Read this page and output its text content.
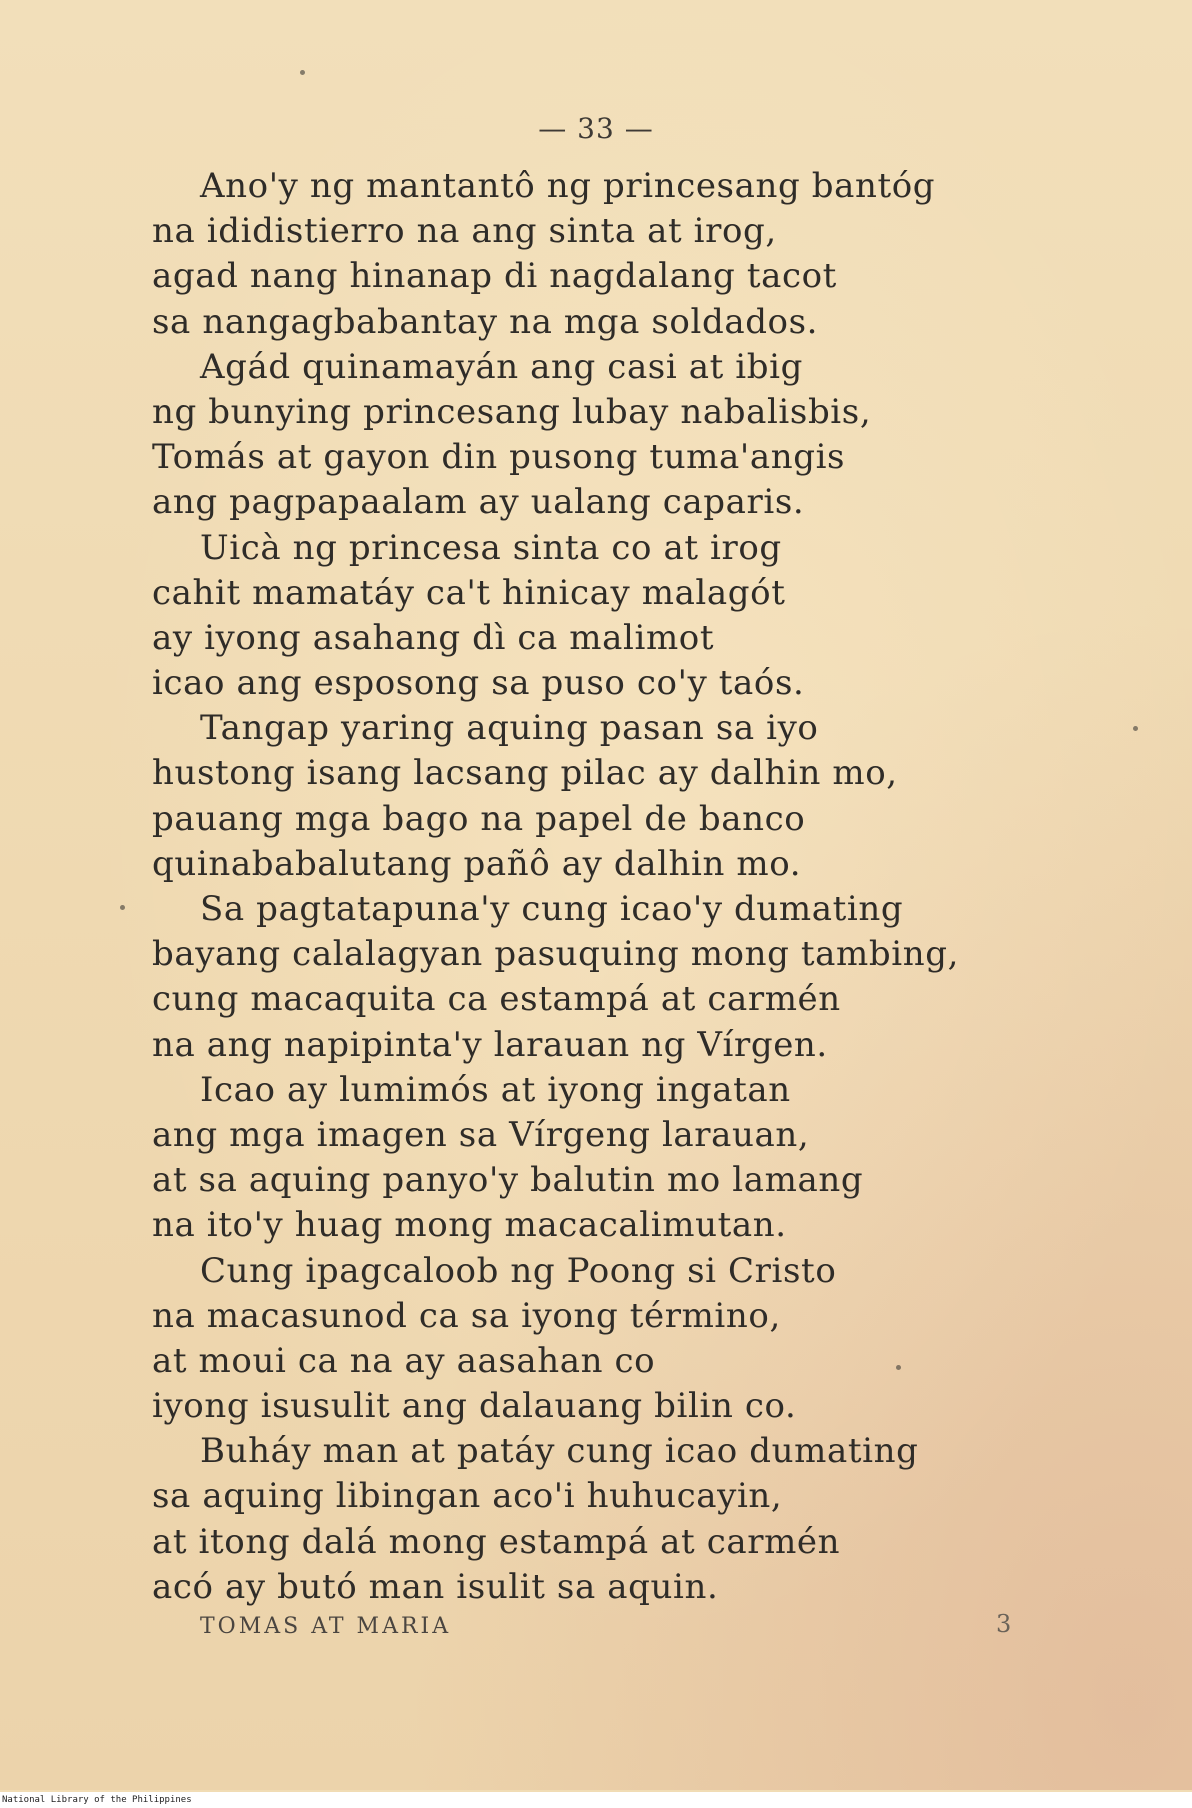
— 33 —
Ano'y ng mantantô ng princesang bantóg
na ididistierro na ang sinta at irog,
agad nang hinanap di nagdalang tacot
sa nangagbabantay na mga soldados.
Agád quinamayán ang casi at ibig
ng bunying princesang lubay nabalisbis,
Tomás at gayon din pusong tuma'angis
ang pagpapaalam ay ualang caparis.
Uicà ng princesa sinta co at irog
cahit mamatáy ca't hinicay malagót
ay iyong asahang dì ca malimot
icao ang esposong sa puso co'y taós.
Tangap yaring aquing pasan sa iyo
hustong isang lacsang pilac ay dalhin mo,
pauang mga bago na papel de banco
quinababalutang pañô ay dalhin mo.
Sa pagtatapuna'y cung icao'y dumating
bayang calalagyan pasuquing mong tambing,
cung macaquita ca estampá at carmén
na ang napipinta'y larauan ng Vírgen.
Icao ay lumimós at iyong ingatan
ang mga imagen sa Vírgeng larauan,
at sa aquing panyo'y balutin mo lamang
na ito'y huag mong macacalimutan.
Cung ipagcaloob ng Poong si Cristo
na macasunod ca sa iyong término,
at moui ca na ay aasahan co
iyong isusulit ang dalauang bilin co.
Buháy man at patáy cung icao dumating
sa aquing libingan aco'i huhucayin,
at itong dalá mong estampá at carmén
acó ay butó man isulit sa aquin.
TOMAS AT MARIA	3
National Library of the Philippines
